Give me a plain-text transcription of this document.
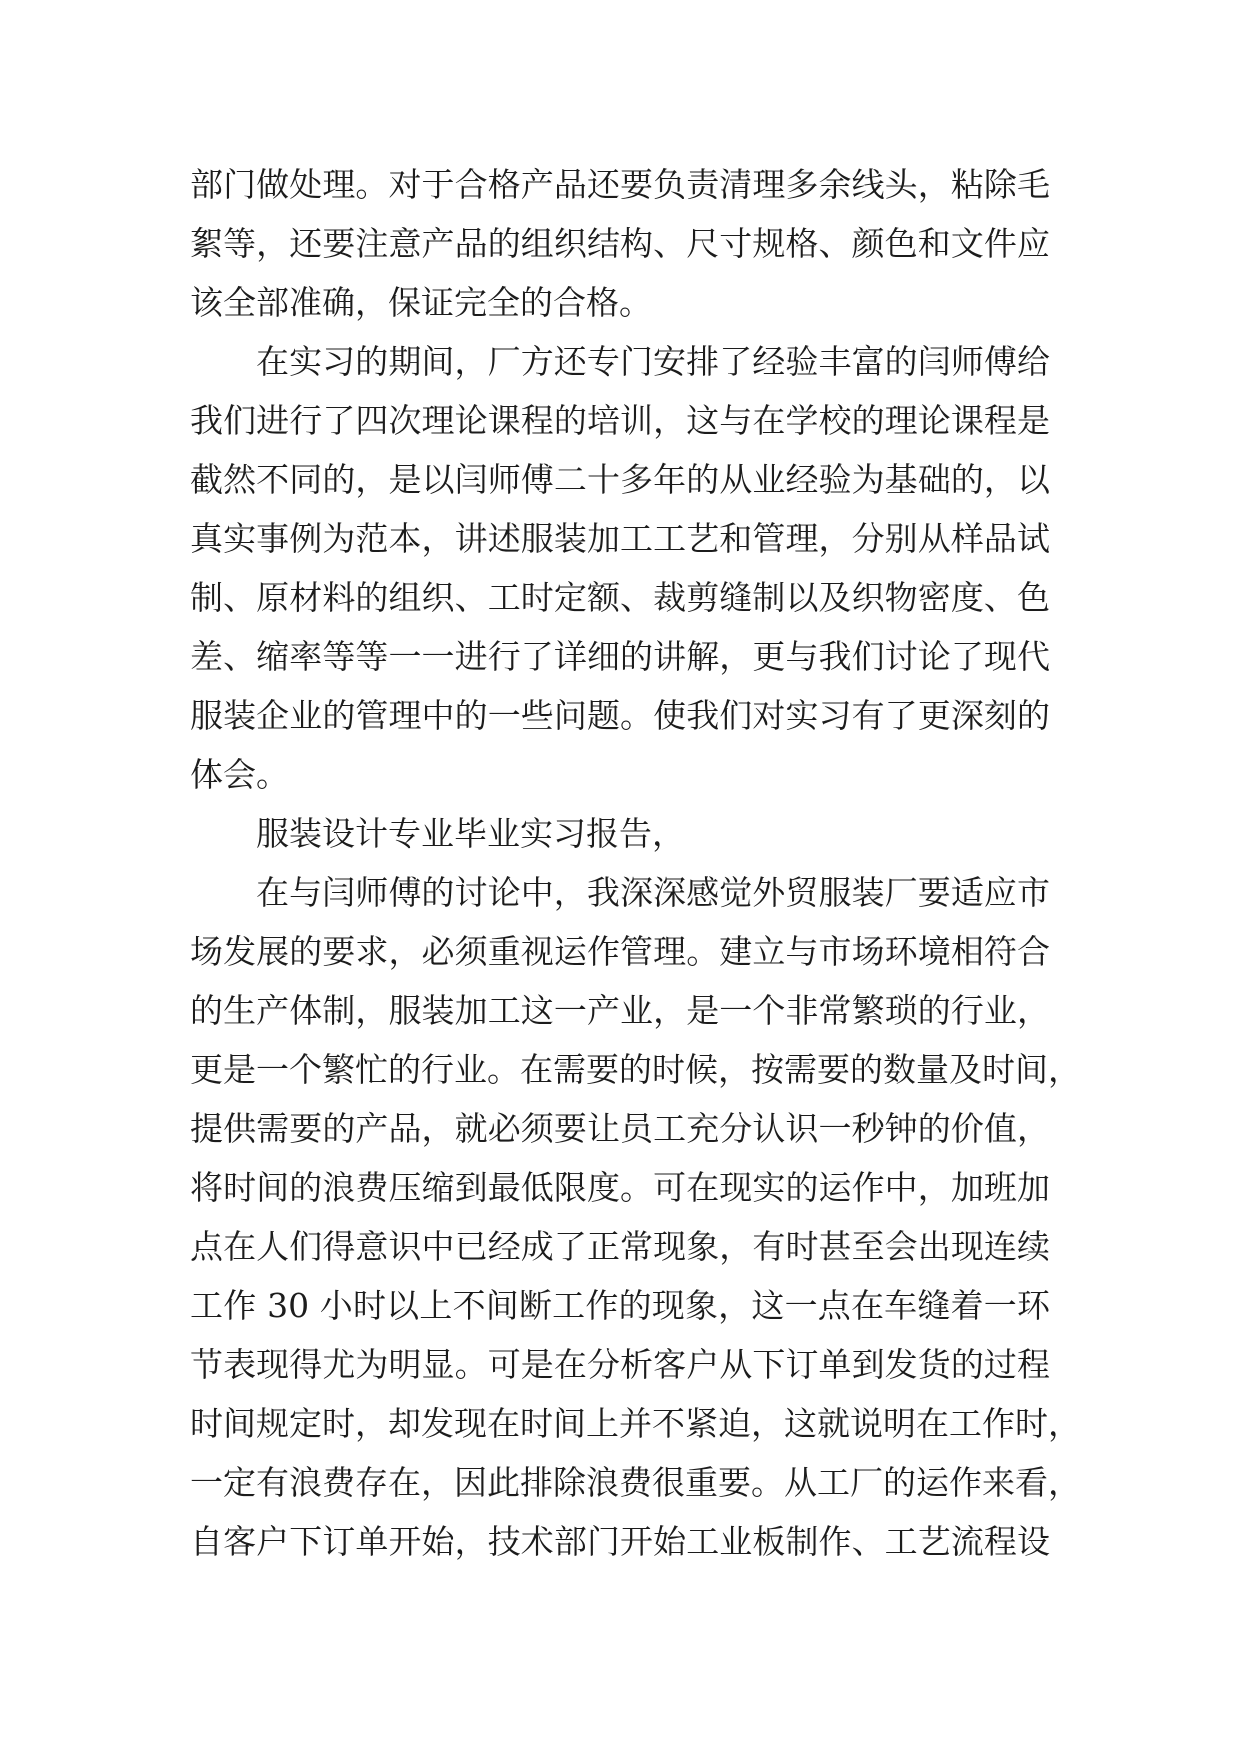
部门做处理。对于合格产品还要负责清理多余线头，粘除毛
絮等，还要注意产品的组织结构、尺寸规格、颜色和文件应
该全部准确，保证完全的合格。
在实习的期间，厂方还专门安排了经验丰富的闫师傅给
我们进行了四次理论课程的培训，这与在学校的理论课程是
截然不同的，是以闫师傅二十多年的从业经验为基础的，以
真实事例为范本，讲述服装加工工艺和管理，分别从样品试
制、原材料的组织、工时定额、裁剪缝制以及织物密度、色
差、缩率等等一一进行了详细的讲解，更与我们讨论了现代
服装企业的管理中的一些问题。使我们对实习有了更深刻的
体会。
服装设计专业毕业实习报告，
在与闫师傅的讨论中，我深深感觉外贸服装厂要适应市
场发展的要求，必须重视运作管理。建立与市场环境相符合
的生产体制，服装加工这一产业，是一个非常繁琐的行业，
更是一个繁忙的行业。在需要的时候，按需要的数量及时间，
提供需要的产品，就必须要让员工充分认识一秒钟的价值，
将时间的浪费压缩到最低限度。可在现实的运作中，加班加
点在人们得意识中已经成了正常现象，有时甚至会出现连续
工作 30 小时以上不间断工作的现象，这一点在车缝着一环
节表现得尤为明显。可是在分析客户从下订单到发货的过程
时间规定时，却发现在时间上并不紧迫，这就说明在工作时，
一定有浪费存在，因此排除浪费很重要。从工厂的运作来看，
自客户下订单开始，技术部门开始工业板制作、工艺流程设
